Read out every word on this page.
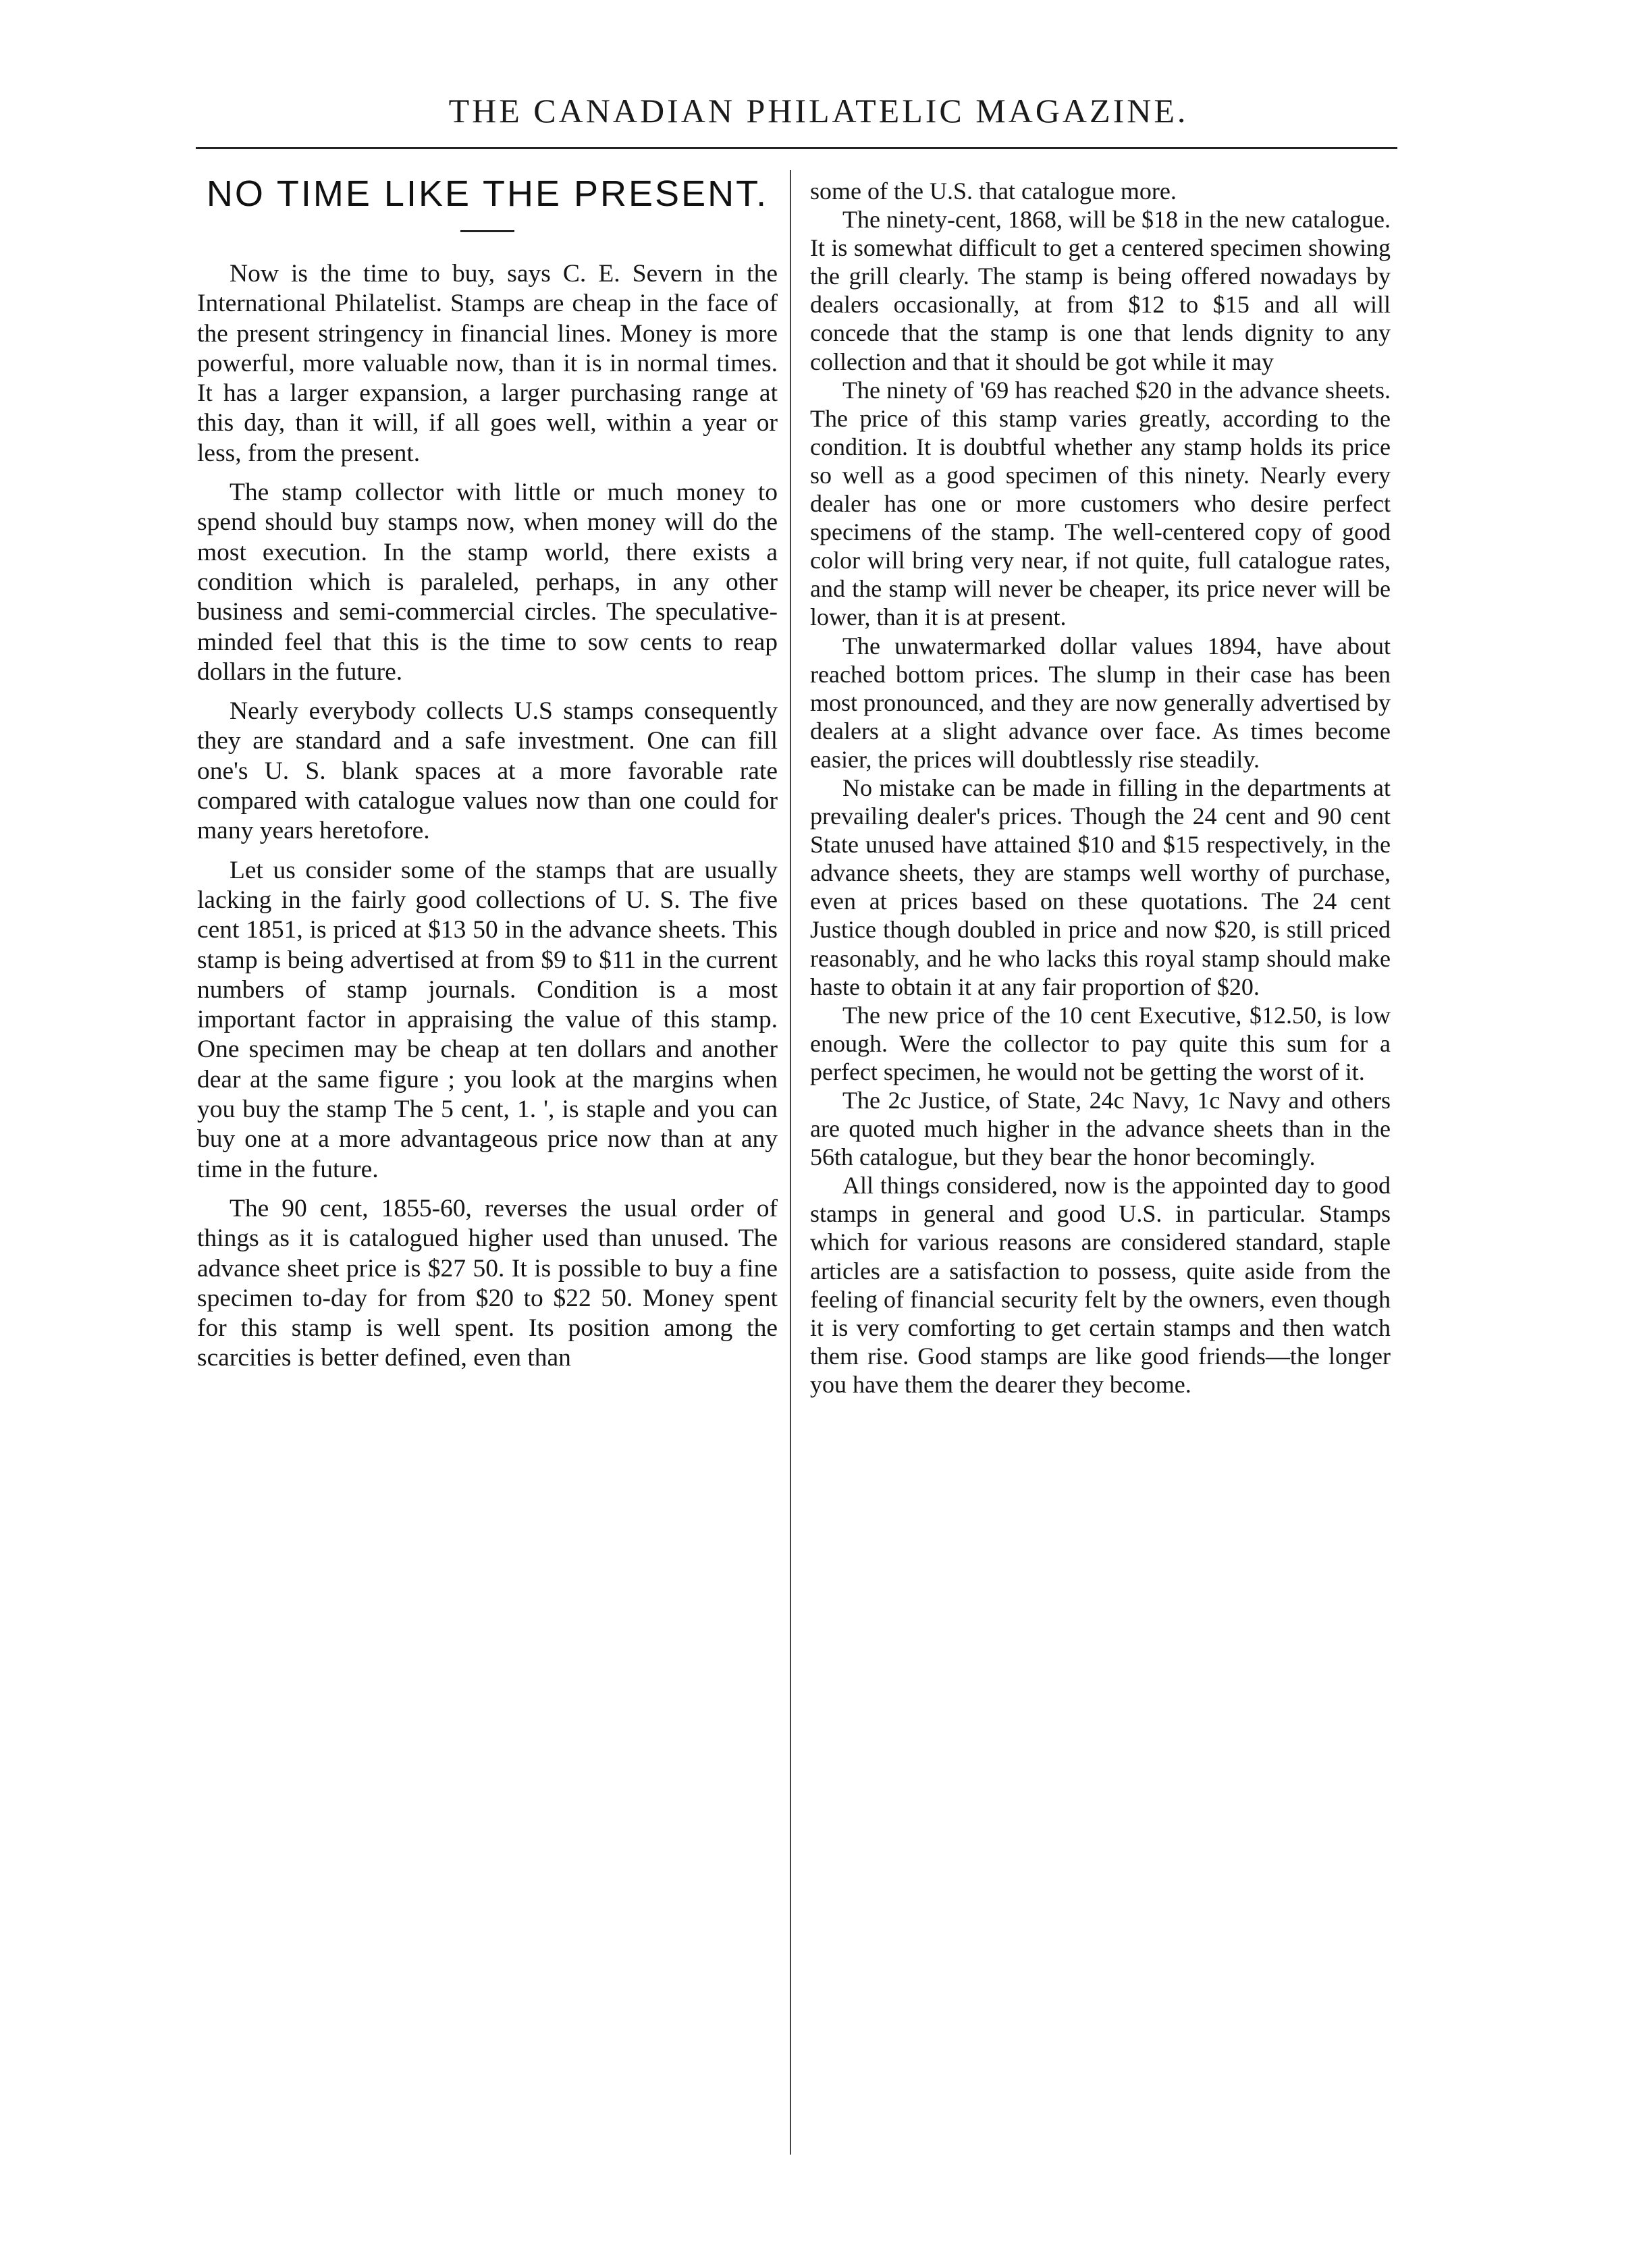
THE CANADIAN PHILATELIC MAGAZINE.
NO TIME LIKE THE PRESENT.

Now is the time to buy, says C. E. Severn in the International Philatelist. Stamps are cheap in the face of the present stringency in financial lines. Money is more powerful, more valuable now, than it is in normal times. It has a larger expansion, a larger purchasing range at this day, than it will, if all goes well, within a year or less, from the present.

The stamp collector with little or much money to spend should buy stamps now, when money will do the most execution. In the stamp world, there exists a condition which is paraleled, perhaps, in any other business and semi-commercial circles. The speculative-minded feel that this is the time to sow cents to reap dollars in the future.

Nearly everybody collects U.S stamps consequently they are standard and a safe investment. One can fill one's U. S. blank spaces at a more favorable rate compared with catalogue values now than one could for many years heretofore.

Let us consider some of the stamps that are usually lacking in the fairly good collections of U. S. The five cent 1851, is priced at $13 50 in the advance sheets. This stamp is being advertised at from $9 to $11 in the current numbers of stamp journals. Condition is a most important factor in appraising the value of this stamp. One specimen may be cheap at ten dollars and another dear at the same figure ; you look at the margins when you buy the stamp The 5 cent, 1. ', is staple and you can buy one at a more advantageous price now than at any time in the future.

The 90 cent, 1855-60, reverses the usual order of things as it is catalogued higher used than unused. The advance sheet price is $27 50. It is possible to buy a fine specimen to-day for from $20 to $22 50. Money spent for this stamp is well spent. Its position among the scarcities is better defined, even than

some of the U.S. that catalogue more.

The ninety-cent, 1868, will be $18 in the new catalogue. It is somewhat difficult to get a centered specimen showing the grill clearly. The stamp is being offered nowadays by dealers occasionally, at from $12 to $15 and all will concede that the stamp is one that lends dignity to any collection and that it should be got while it may

The ninety of '69 has reached $20 in the advance sheets. The price of this stamp varies greatly, according to the condition. It is doubtful whether any stamp holds its price so well as a good specimen of this ninety. Nearly every dealer has one or more customers who desire perfect specimens of the stamp. The well-centered copy of good color will bring very near, if not quite, full catalogue rates, and the stamp will never be cheaper, its price never will be lower, than it is at present.

The unwatermarked dollar values 1894, have about reached bottom prices. The slump in their case has been most pronounced, and they are now generally advertised by dealers at a slight advance over face. As times become easier, the prices will doubtlessly rise steadily.

No mistake can be made in filling in the departments at prevailing dealer's prices. Though the 24 cent and 90 cent State unused have attained $10 and $15 respectively, in the advance sheets, they are stamps well worthy of purchase, even at prices based on these quotations. The 24 cent Justice though doubled in price and now $20, is still priced reasonably, and he who lacks this royal stamp should make haste to obtain it at any fair proportion of $20.

The new price of the 10 cent Executive, $12.50, is low enough. Were the collector to pay quite this sum for a perfect specimen, he would not be getting the worst of it.

The 2c Justice, of State, 24c Navy, 1c Navy and others are quoted much higher in the advance sheets than in the 56th catalogue, but they bear the honor becomingly.

All things considered, now is the appointed day to good stamps in general and good U.S. in particular. Stamps which for various reasons are considered standard, staple articles are a satisfaction to possess, quite aside from the feeling of financial security felt by the owners, even though it is very comforting to get certain stamps and then watch them rise. Good stamps are like good friends—the longer you have them the dearer they become.
